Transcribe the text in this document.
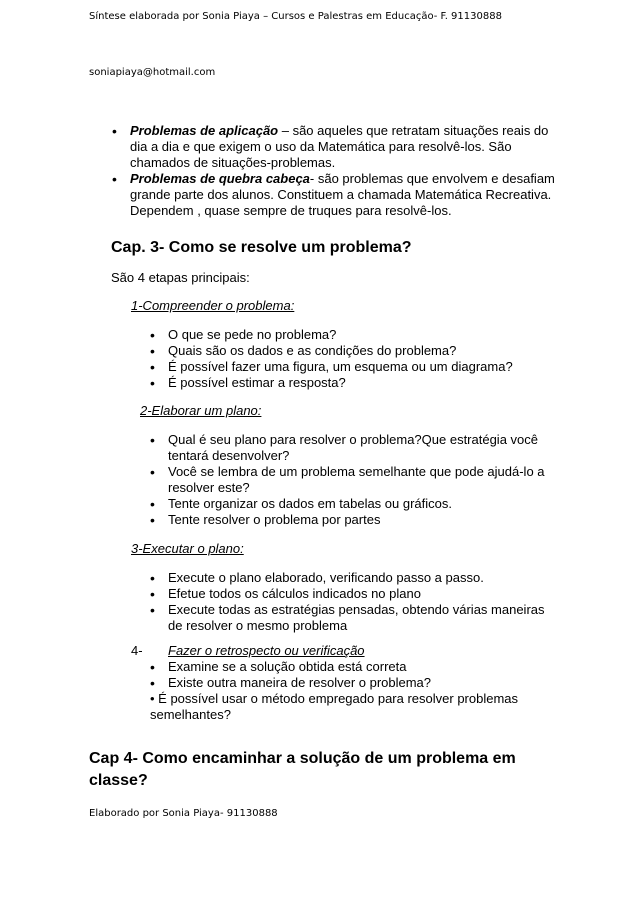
Síntese elaborada por Sonia Piaya – Cursos e Palestras em Educação- F. 91130888
soniapiaya@hotmail.com
• Problemas de aplicação – são aqueles que retratam situações reais do dia a dia e que exigem o uso da Matemática para resolvê-los. São chamados de situações-problemas.
• Problemas de quebra cabeça- são problemas que envolvem e desafiam grande parte dos alunos. Constituem a chamada Matemática Recreativa. Dependem , quase sempre de truques para resolvê-los.
Cap. 3- Como se resolve um problema?
São 4 etapas principais:
1-Compreender o problema:
• O que se pede no problema?
• Quais são os dados e as condições do problema?
• É possível fazer uma figura, um esquema ou um diagrama?
• É possível estimar a resposta?
2-Elaborar um plano:
• Qual é seu plano para resolver o problema?Que estratégia você tentará desenvolver?
• Você se lembra de um problema semelhante que pode ajudá-lo a resolver este?
• Tente organizar os dados em tabelas ou gráficos.
• Tente resolver o problema por partes
3-Executar o plano:
• Execute o plano elaborado, verificando passo a passo.
• Efetue todos os cálculos indicados no plano
• Execute todas as estratégias pensadas, obtendo várias maneiras de resolver o mesmo problema
4- Fazer o retrospecto ou verificação
• Examine se a solução obtida está correta
• Existe outra maneira de resolver o problema?
• É possível usar o método empregado para resolver problemas semelhantes?
Cap 4- Como encaminhar a solução de um problema em classe?
Elaborado por Sonia Piaya- 91130888
